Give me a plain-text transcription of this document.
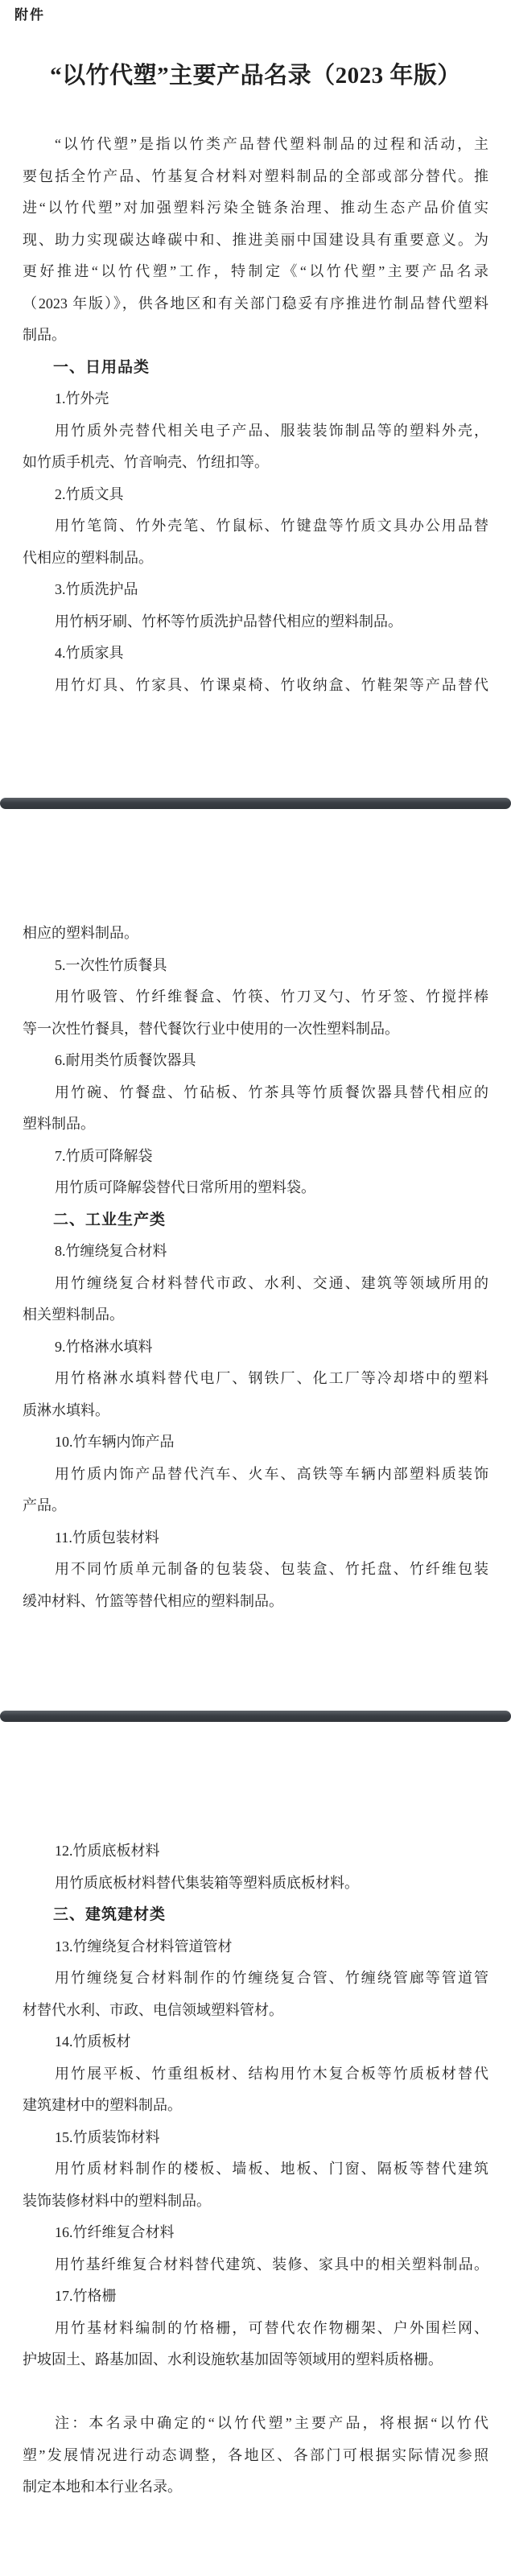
附件
“以竹代塑”主要产品名录（2023 年版）
“以竹代塑”是指以竹类产品替代塑料制品的过程和活动，主
要包括全竹产品、竹基复合材料对塑料制品的全部或部分替代。推
进“以竹代塑”对加强塑料污染全链条治理、推动生态产品价值实
现、助力实现碳达峰碳中和、推进美丽中国建设具有重要意义。为
更好推进“以竹代塑”工作，特制定《“以竹代塑”主要产品名录
（2023 年版）》，供各地区和有关部门稳妥有序推进竹制品替代塑料
制品。
一、日用品类
1.竹外壳
用竹质外壳替代相关电子产品、服装装饰制品等的塑料外壳，
如竹质手机壳、竹音响壳、竹纽扣等。
2.竹质文具
用竹笔筒、竹外壳笔、竹鼠标、竹键盘等竹质文具办公用品替
代相应的塑料制品。
3.竹质洗护品
用竹柄牙刷、竹杯等竹质洗护品替代相应的塑料制品。
4.竹质家具
用竹灯具、竹家具、竹课桌椅、竹收纳盒、竹鞋架等产品替代
相应的塑料制品。
5.一次性竹质餐具
用竹吸管、竹纤维餐盒、竹筷、竹刀叉勺、竹牙签、竹搅拌棒
等一次性竹餐具，替代餐饮行业中使用的一次性塑料制品。
6.耐用类竹质餐饮器具
用竹碗、竹餐盘、竹砧板、竹茶具等竹质餐饮器具替代相应的
塑料制品。
7.竹质可降解袋
用竹质可降解袋替代日常所用的塑料袋。
二、工业生产类
8.竹缠绕复合材料
用竹缠绕复合材料替代市政、水利、交通、建筑等领域所用的
相关塑料制品。
9.竹格淋水填料
用竹格淋水填料替代电厂、钢铁厂、化工厂等冷却塔中的塑料
质淋水填料。
10.竹车辆内饰产品
用竹质内饰产品替代汽车、火车、高铁等车辆内部塑料质装饰
产品。
11.竹质包装材料
用不同竹质单元制备的包装袋、包装盒、竹托盘、竹纤维包装
缓冲材料、竹篮等替代相应的塑料制品。
12.竹质底板材料
用竹质底板材料替代集装箱等塑料质底板材料。
三、建筑建材类
13.竹缠绕复合材料管道管材
用竹缠绕复合材料制作的竹缠绕复合管、竹缠绕管廊等管道管
材替代水利、市政、电信领域塑料管材。
14.竹质板材
用竹展平板、竹重组板材、结构用竹木复合板等竹质板材替代
建筑建材中的塑料制品。
15.竹质装饰材料
用竹质材料制作的楼板、墙板、地板、门窗、隔板等替代建筑
装饰装修材料中的塑料制品。
16.竹纤维复合材料
用竹基纤维复合材料替代建筑、装修、家具中的相关塑料制品。
17.竹格栅
用竹基材料编制的竹格栅，可替代农作物棚架、户外围栏网、
护坡固土、路基加固、水利设施软基加固等领域用的塑料质格栅。
注：本名录中确定的“以竹代塑”主要产品，将根据“以竹代
塑”发展情况进行动态调整，各地区、各部门可根据实际情况参照
制定本地和本行业名录。
